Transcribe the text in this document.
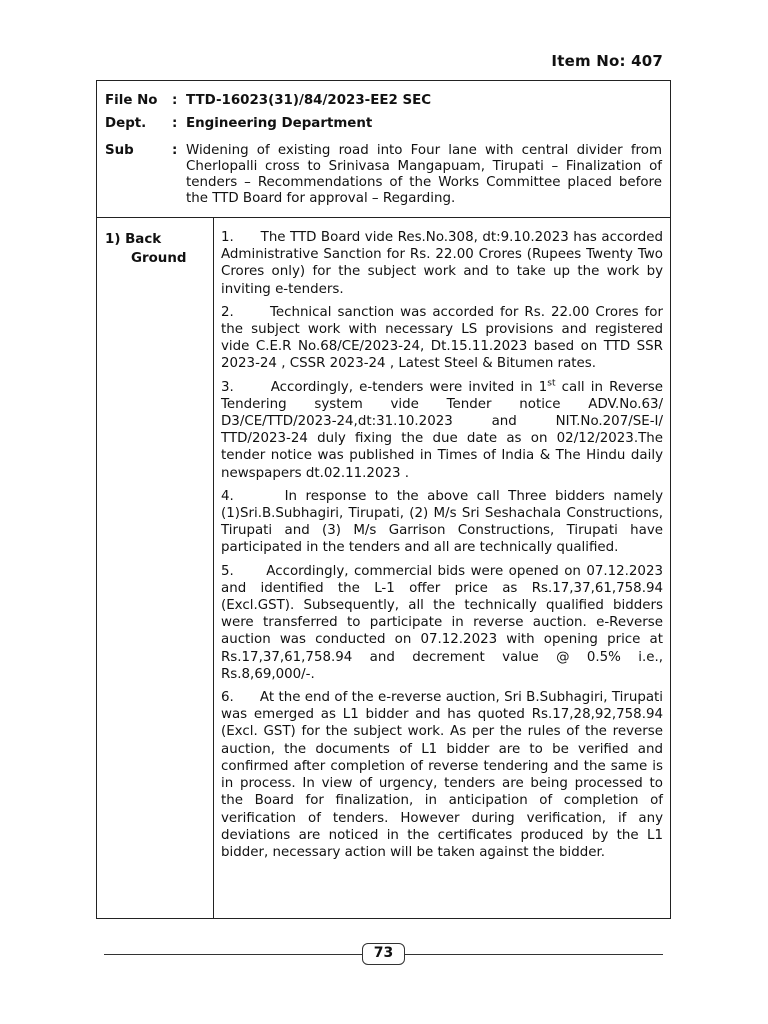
Item No: 407
File No	: TTD-16023(31)/84/2023-EE2 SEC
Dept.	: Engineering Department
Sub	: Widening of existing road into Four lane with central divider from Cherlopalli cross to Srinivasa Mangapuam, Tirupati – Finalization of tenders – Recommendations of the Works Committee placed before the TTD Board for approval – Regarding.
1) Back
Ground

1.      The TTD Board vide Res.No.308, dt:9.10.2023 has accorded Administrative Sanction for Rs. 22.00 Crores (Rupees Twenty Two Crores only) for the subject work and to take up the work by inviting e-tenders.

2.      Technical sanction was accorded for Rs. 22.00 Crores for the subject work with necessary LS provisions and registered vide C.E.R No.68/CE/2023-24, Dt.15.11.2023 based on TTD SSR 2023-24 , CSSR 2023-24 , Latest Steel & Bitumen rates.

3.      Accordingly, e-tenders were invited in 1st call in Reverse Tendering system vide Tender notice ADV.No.63/ D3/CE/TTD/2023-24,dt:31.10.2023 and NIT.No.207/SE-I/ TTD/2023-24 duly fixing the due date as on 02/12/2023.The tender notice was published in Times of India & The Hindu daily newspapers dt.02.11.2023 .

4.      In response to the above call Three bidders namely (1)Sri.B.Subhagiri, Tirupati, (2) M/s Sri Seshachala Constructions, Tirupati and (3) M/s Garrison Constructions, Tirupati have participated in the tenders and all are technically qualified.

5.      Accordingly, commercial bids were opened on 07.12.2023 and identified the L-1 offer price as Rs.17,37,61,758.94 (Excl.GST). Subsequently, all the technically qualified bidders were transferred to participate in reverse auction. e-Reverse auction was conducted on 07.12.2023 with opening price at Rs.17,37,61,758.94 and decrement value @ 0.5% i.e., Rs.8,69,000/-.

6.      At the end of the e-reverse auction, Sri B.Subhagiri, Tirupati was emerged as L1 bidder and has quoted Rs.17,28,92,758.94 (Excl. GST) for the subject work. As per the rules of the reverse auction, the documents of L1 bidder are to be verified and confirmed after completion of reverse tendering and the same is in process. In view of urgency, tenders are being processed to the Board for finalization, in anticipation of completion of verification of tenders. However during verification, if any deviations are noticed in the certificates produced by the L1 bidder, necessary action will be taken against the bidder.

73
